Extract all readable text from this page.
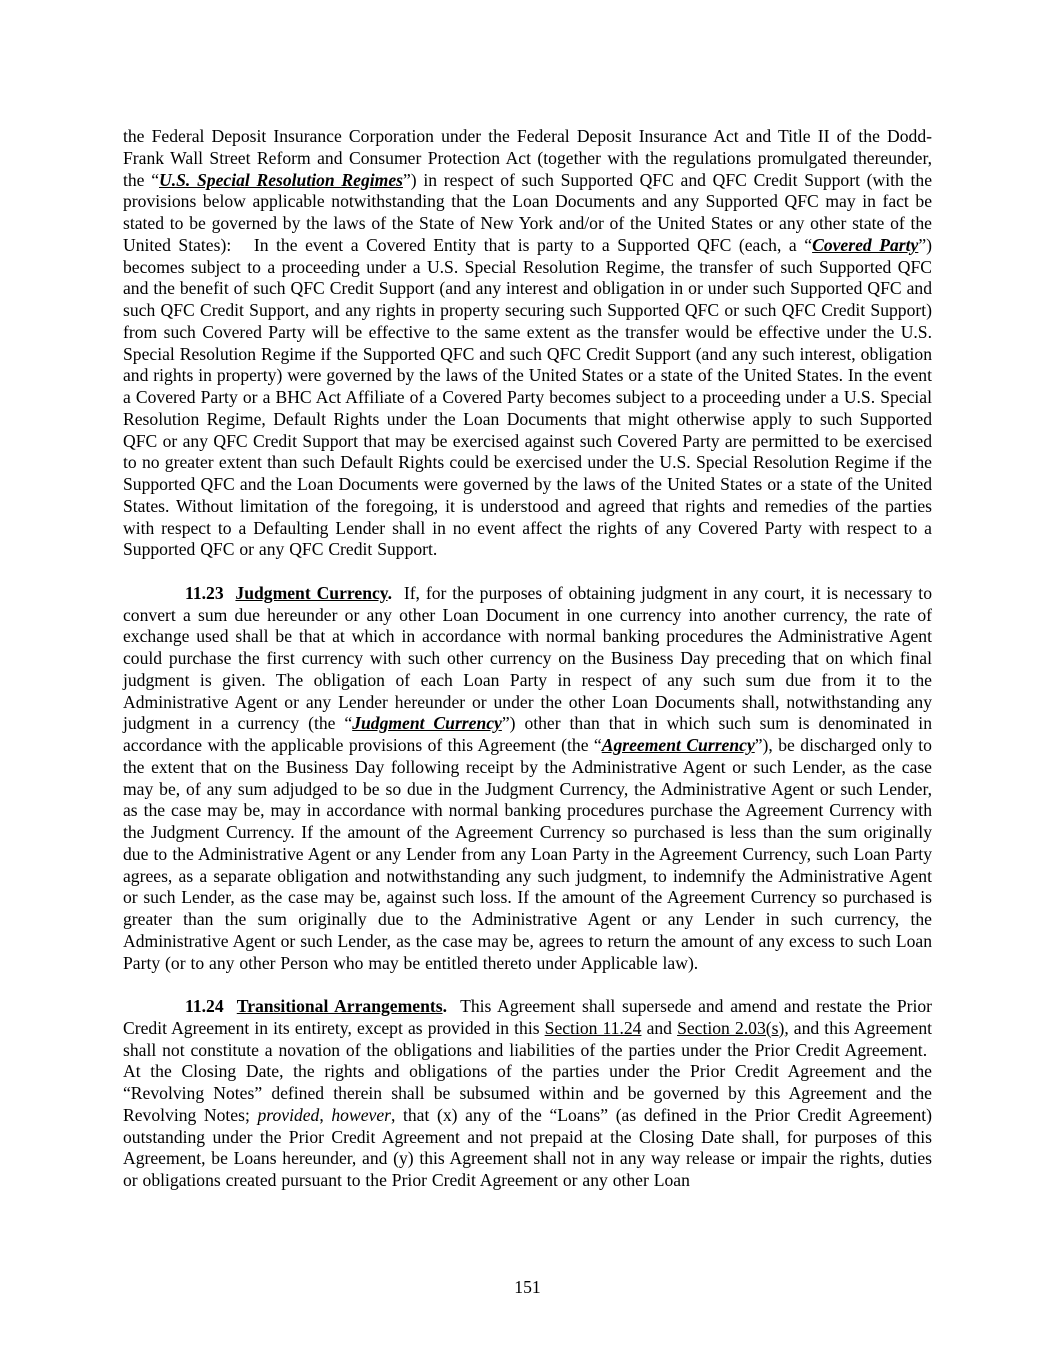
the Federal Deposit Insurance Corporation under the Federal Deposit Insurance Act and Title II of the Dodd-Frank Wall Street Reform and Consumer Protection Act (together with the regulations promulgated thereunder, the “U.S. Special Resolution Regimes”) in respect of such Supported QFC and QFC Credit Support (with the provisions below applicable notwithstanding that the Loan Documents and any Supported QFC may in fact be stated to be governed by the laws of the State of New York and/or of the United States or any other state of the United States):   In the event a Covered Entity that is party to a Supported QFC (each, a “Covered Party”) becomes subject to a proceeding under a U.S. Special Resolution Regime, the transfer of such Supported QFC and the benefit of such QFC Credit Support (and any interest and obligation in or under such Supported QFC and such QFC Credit Support, and any rights in property securing such Supported QFC or such QFC Credit Support) from such Covered Party will be effective to the same extent as the transfer would be effective under the U.S. Special Resolution Regime if the Supported QFC and such QFC Credit Support (and any such interest, obligation and rights in property) were governed by the laws of the United States or a state of the United States. In the event a Covered Party or a BHC Act Affiliate of a Covered Party becomes subject to a proceeding under a U.S. Special Resolution Regime, Default Rights under the Loan Documents that might otherwise apply to such Supported QFC or any QFC Credit Support that may be exercised against such Covered Party are permitted to be exercised to no greater extent than such Default Rights could be exercised under the U.S. Special Resolution Regime if the Supported QFC and the Loan Documents were governed by the laws of the United States or a state of the United States. Without limitation of the foregoing, it is understood and agreed that rights and remedies of the parties with respect to a Defaulting Lender shall in no event affect the rights of any Covered Party with respect to a Supported QFC or any QFC Credit Support.

11.23  Judgment Currency.  If, for the purposes of obtaining judgment in any court, it is necessary to convert a sum due hereunder or any other Loan Document in one currency into another currency, the rate of exchange used shall be that at which in accordance with normal banking procedures the Administrative Agent could purchase the first currency with such other currency on the Business Day preceding that on which final judgment is given. The obligation of each Loan Party in respect of any such sum due from it to the Administrative Agent or any Lender hereunder or under the other Loan Documents shall, notwithstanding any judgment in a currency (the “Judgment Currency”) other than that in which such sum is denominated in accordance with the applicable provisions of this Agreement (the “Agreement Currency”), be discharged only to the extent that on the Business Day following receipt by the Administrative Agent or such Lender, as the case may be, of any sum adjudged to be so due in the Judgment Currency, the Administrative Agent or such Lender, as the case may be, may in accordance with normal banking procedures purchase the Agreement Currency with the Judgment Currency. If the amount of the Agreement Currency so purchased is less than the sum originally due to the Administrative Agent or any Lender from any Loan Party in the Agreement Currency, such Loan Party agrees, as a separate obligation and notwithstanding any such judgment, to indemnify the Administrative Agent or such Lender, as the case may be, against such loss. If the amount of the Agreement Currency so purchased is greater than the sum originally due to the Administrative Agent or any Lender in such currency, the Administrative Agent or such Lender, as the case may be, agrees to return the amount of any excess to such Loan Party (or to any other Person who may be entitled thereto under Applicable law).

11.24  Transitional Arrangements.  This Agreement shall supersede and amend and restate the Prior Credit Agreement in its entirety, except as provided in this Section 11.24 and Section 2.03(s), and this Agreement shall not constitute a novation of the obligations and liabilities of the parties under the Prior Credit Agreement.  At the Closing Date, the rights and obligations of the parties under the Prior Credit Agreement and the “Revolving Notes” defined therein shall be subsumed within and be governed by this Agreement and the Revolving Notes; provided, however, that (x) any of the “Loans” (as defined in the Prior Credit Agreement) outstanding under the Prior Credit Agreement and not prepaid at the Closing Date shall, for purposes of this Agreement, be Loans hereunder, and (y) this Agreement shall not in any way release or impair the rights, duties or obligations created pursuant to the Prior Credit Agreement or any other Loan

151
